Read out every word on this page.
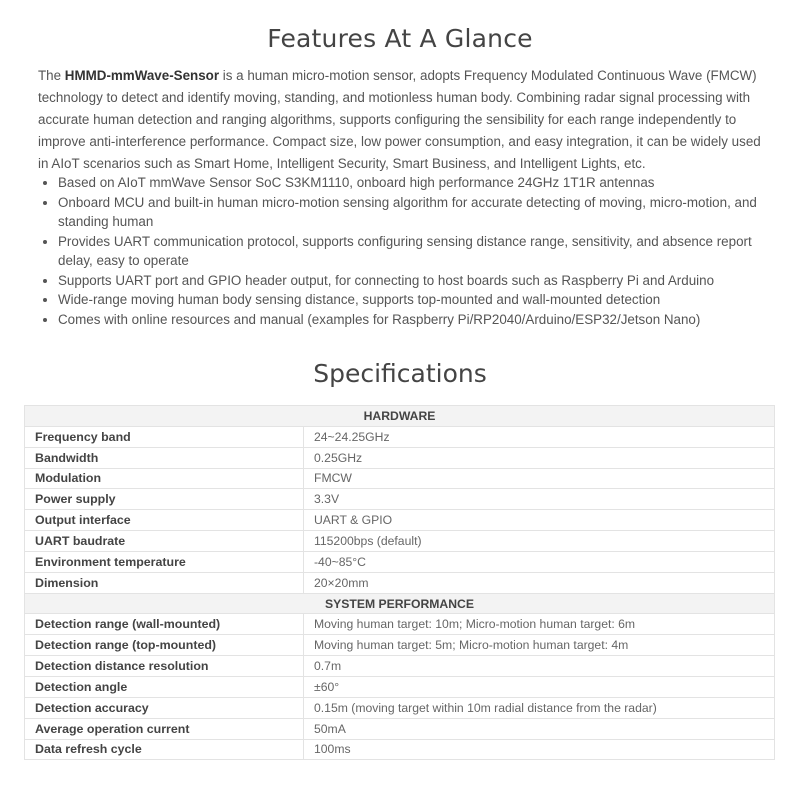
Features At A Glance

The HMMD-mmWave-Sensor is a human micro-motion sensor, adopts Frequency Modulated Continuous Wave (FMCW) technology to detect and identify moving, standing, and motionless human body. Combining radar signal processing with accurate human detection and ranging algorithms, supports configuring the sensibility for each range independently to improve anti-interference performance. Compact size, low power consumption, and easy integration, it can be widely used in AIoT scenarios such as Smart Home, Intelligent Security, Smart Business, and Intelligent Lights, etc.

• Based on AIoT mmWave Sensor SoC S3KM1110, onboard high performance 24GHz 1T1R antennas
• Onboard MCU and built-in human micro-motion sensing algorithm for accurate detecting of moving, micro-motion, and standing human
• Provides UART communication protocol, supports configuring sensing distance range, sensitivity, and absence report delay, easy to operate
• Supports UART port and GPIO header output, for connecting to host boards such as Raspberry Pi and Arduino
• Wide-range moving human body sensing distance, supports top-mounted and wall-mounted detection
• Comes with online resources and manual (examples for Raspberry Pi/RP2040/Arduino/ESP32/Jetson Nano)
Specifications
HARDWARE	
Frequency band	24~24.25GHz
Bandwidth	0.25GHz
Modulation	FMCW
Power supply	3.3V
Output interface	UART & GPIO
UART baudrate	115200bps (default)
Environment temperature	-40~85°C
Dimension	20×20mm
SYSTEM PERFORMANCE	
Detection range (wall-mounted)	Moving human target: 10m; Micro-motion human target: 6m
Detection range (top-mounted)	Moving human target: 5m; Micro-motion human target: 4m
Detection distance resolution	0.7m
Detection angle	±60°
Detection accuracy	0.15m (moving target within 10m radial distance from the radar)
Average operation current	50mA
Data refresh cycle	100ms
